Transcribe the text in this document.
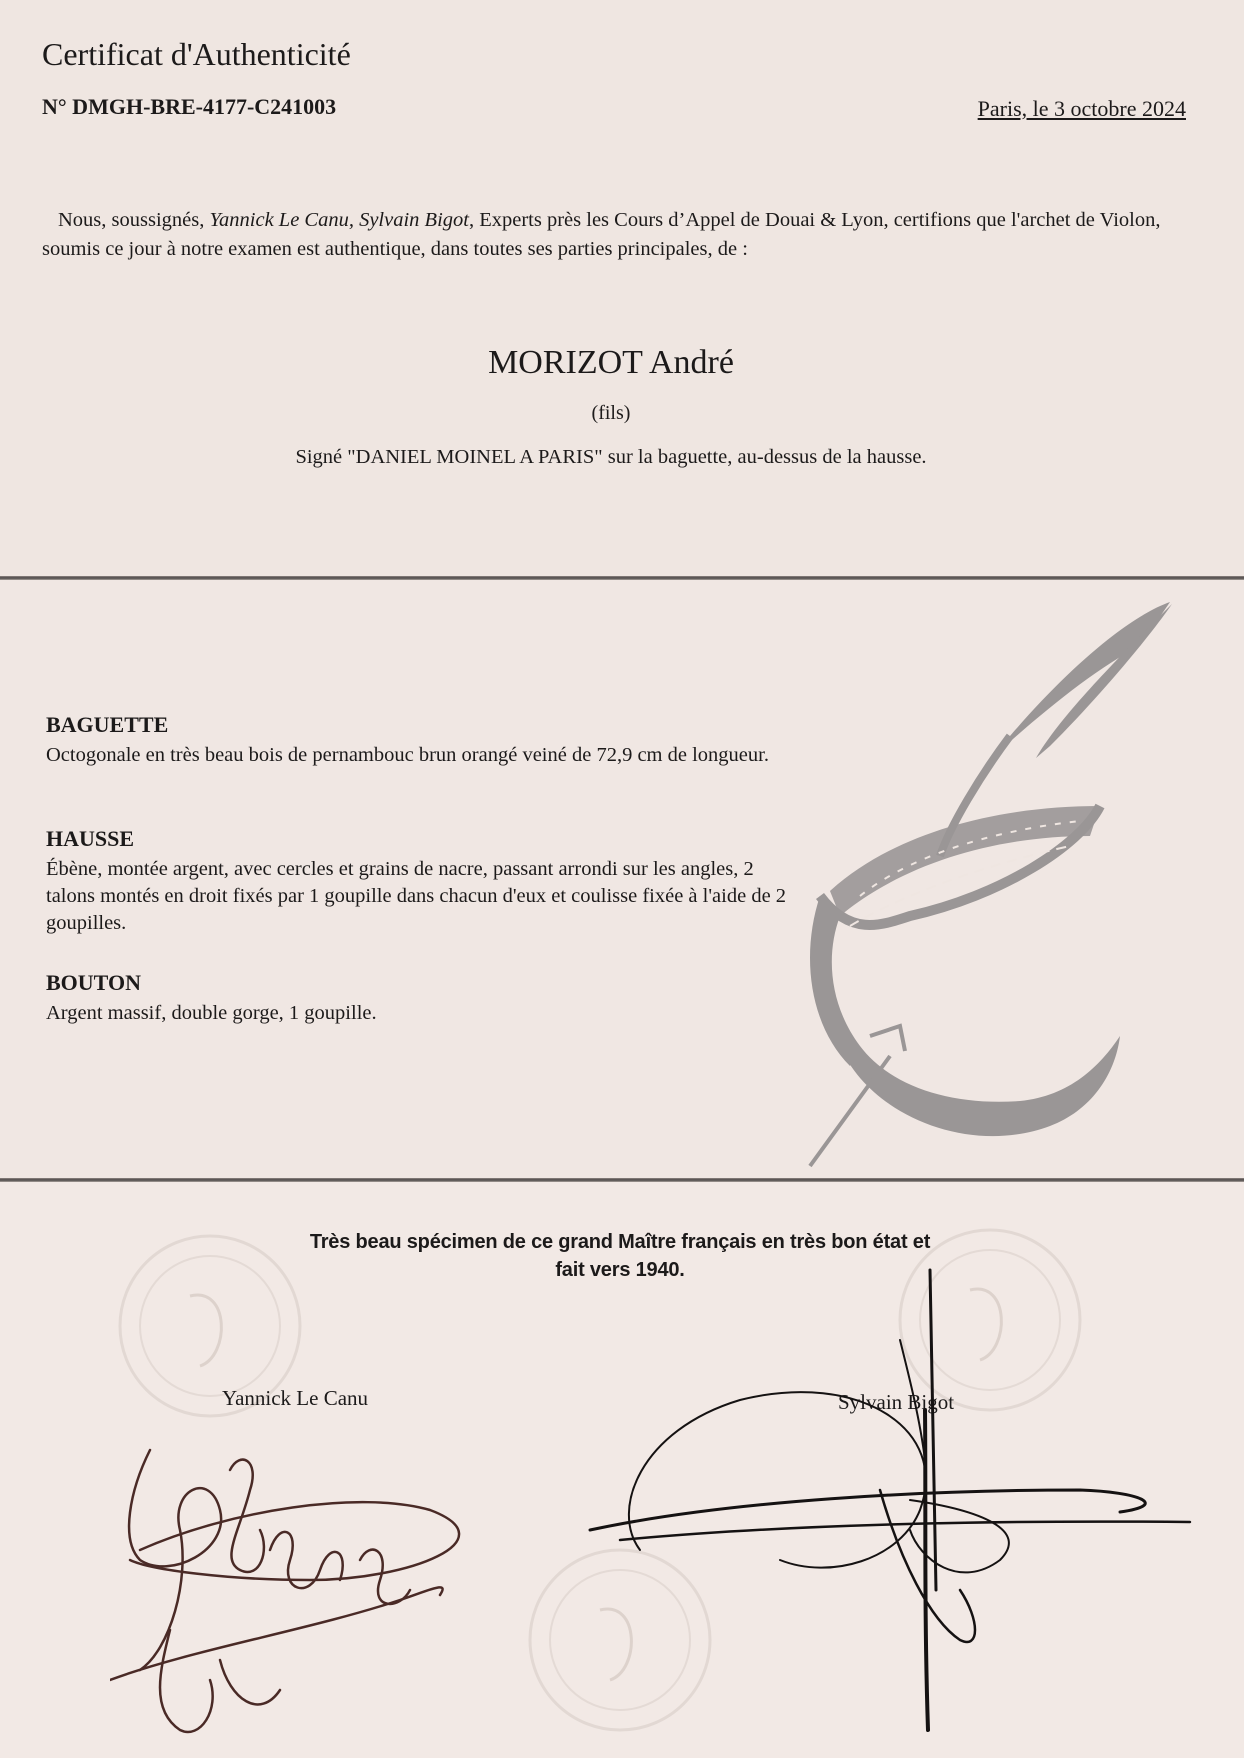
Certificat d'Authenticité
N° DMGH-BRE-4177-C241003	Paris, le 3 octobre 2024

Nous, soussignés, Yannick Le Canu, Sylvain Bigot, Experts près les Cours d’Appel de Douai & Lyon, certifions que l'archet de Violon, soumis ce jour à notre examen est authentique, dans toutes ses parties principales, de :

MORIZOT André
(fils)
Signé "DANIEL MOINEL A PARIS" sur la baguette, au-dessus de la hausse.
BAGUETTE

Octogonale en très beau bois de pernambouc brun orangé veiné de 72,9 cm de longueur.

HAUSSE

Ébène, montée argent, avec cercles et grains de nacre, passant arrondi sur les angles, 2 talons montés en droit fixés par 1 goupille dans chacun d'eux et coulisse fixée à l'aide de 2 goupilles.

BOUTON

Argent massif, double gorge, 1 goupille.

Très beau spécimen de ce grand Maître français en très bon état et
fait vers 1940.
Yannick Le Canu	Sylvain Bigot
